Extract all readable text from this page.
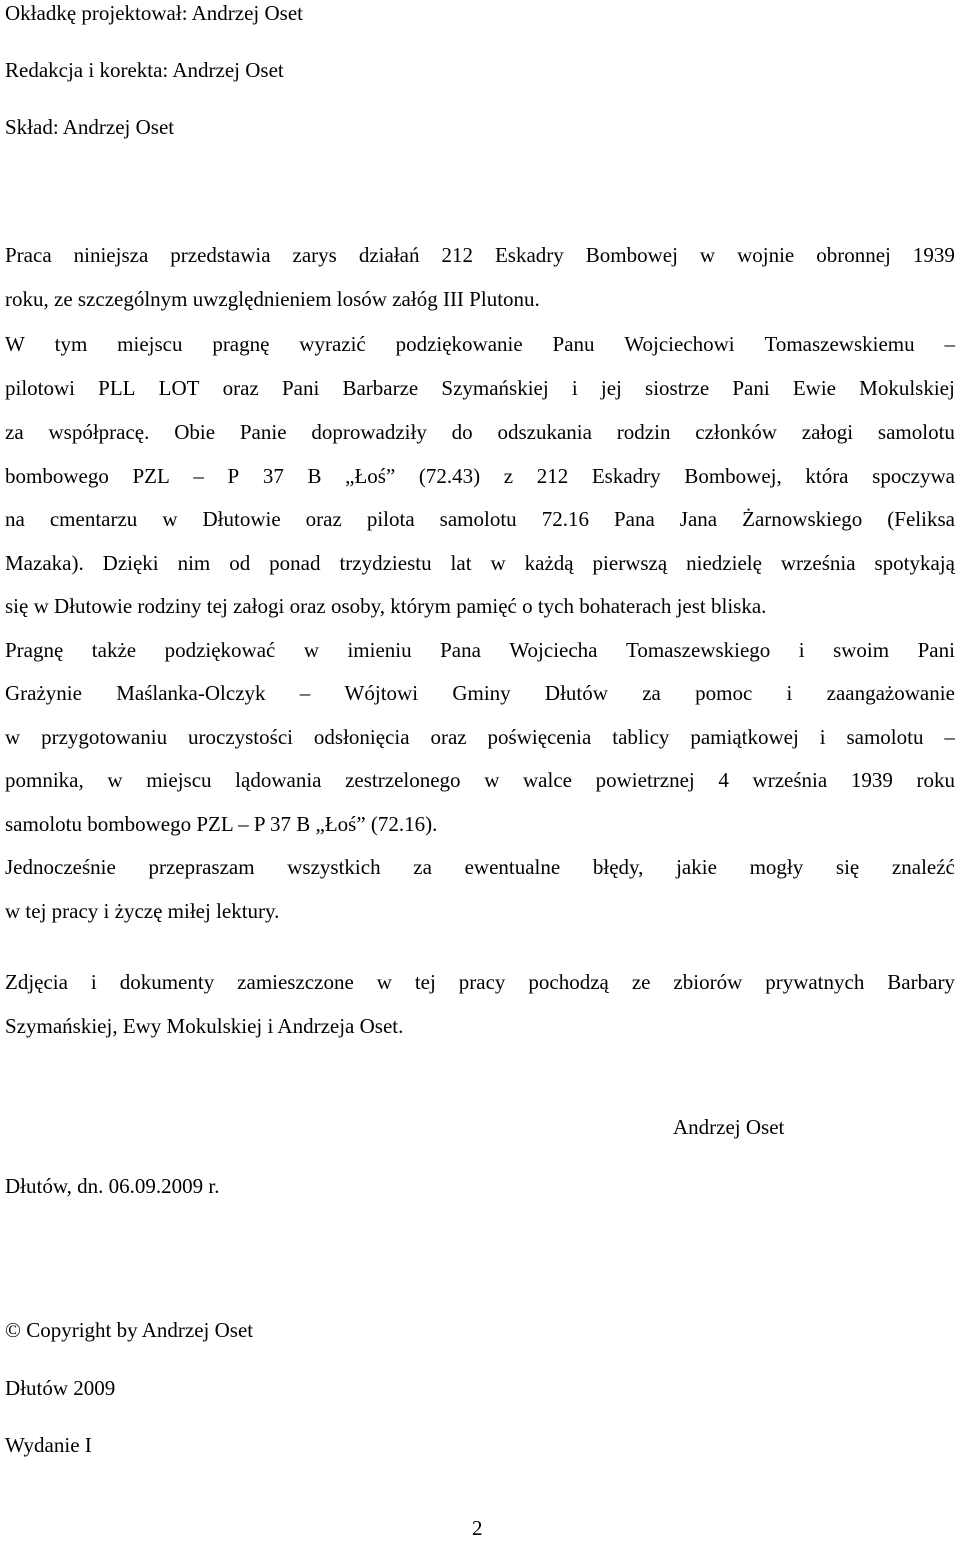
Okładkę projektował: Andrzej Oset

Redakcja i korekta: Andrzej Oset

Skład: Andrzej Oset

Praca niniejsza przedstawia zarys działań 212 Eskadry Bombowej w wojnie obronnej 1939

roku, ze szczególnym uwzględnieniem losów załóg III Plutonu.

W tym miejscu pragnę wyrazić podziękowanie Panu Wojciechowi Tomaszewskiemu –

pilotowi PLL LOT oraz Pani Barbarze Szymańskiej i jej siostrze Pani Ewie Mokulskiej

za współpracę. Obie Panie doprowadziły do odszukania rodzin członków załogi samolotu

bombowego PZL – P 37 B „Łoś” (72.43) z 212 Eskadry Bombowej, która spoczywa

na cmentarzu w Dłutowie oraz pilota samolotu 72.16 Pana Jana Żarnowskiego (Feliksa

Mazaka). Dzięki nim od ponad trzydziestu lat w każdą pierwszą niedzielę września spotykają

się w Dłutowie rodziny tej załogi oraz osoby, którym pamięć o tych bohaterach jest bliska.

Pragnę także podziękować w imieniu Pana Wojciecha Tomaszewskiego i swoim Pani

Grażynie Maślanka-Olczyk – Wójtowi Gminy Dłutów za pomoc i zaangażowanie

w przygotowaniu uroczystości odsłonięcia oraz poświęcenia tablicy pamiątkowej i samolotu –

pomnika, w miejscu lądowania zestrzelonego w walce powietrznej 4 września 1939 roku

samolotu bombowego PZL – P 37 B „Łoś” (72.16).

Jednocześnie przepraszam wszystkich za ewentualne błędy, jakie mogły się znaleźć

w tej pracy i życzę miłej lektury.

Zdjęcia i dokumenty zamieszczone w tej pracy pochodzą ze zbiorów prywatnych Barbary

Szymańskiej, Ewy Mokulskiej i Andrzeja Oset.

Andrzej Oset

Dłutów, dn. 06.09.2009 r.

© Copyright by Andrzej Oset

Dłutów 2009

Wydanie I

2
